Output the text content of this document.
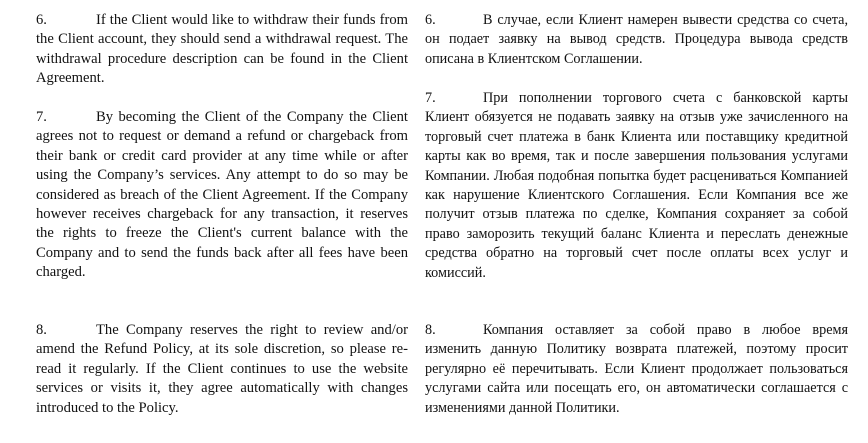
6.	If the Client would like to withdraw their funds from the Client account, they should send a withdrawal request. The withdrawal procedure description can be found in the Client Agreement.

7.	By becoming the Client of the Company the Client agrees not to request or demand a refund or chargeback from their bank or credit card provider at any time while or after using the Company’s services. Any attempt to do so may be considered as breach of the Client Agreement. If the Company however receives chargeback for any transaction, it reserves the rights to freeze the Client's current balance with the Company and to send the funds back after all fees have been charged.

8.	The Company reserves the right to review and/or amend the Refund Policy, at its sole discretion, so please re-read it regularly. If the Client continues to use the website services or visits it, they agree automatically with changes introduced to the Policy.

6.	В случае, если Клиент намерен вывести средства со счета, он подает заявку на вывод средств. Процедура вывода средств описана в Клиентском Соглашении.

7.	При пополнении торгового счета с банковской карты Клиент обязуется не подавать заявку на отзыв уже зачисленного на торговый счет платежа в банк Клиента или поставщику кредитной карты как во время, так и после завершения пользования услугами Компании. Любая подобная попытка будет расцениваться Компанией как нарушение Клиентского Соглашения. Если Компания все же получит отзыв платежа по сделке, Компания сохраняет за собой право заморозить текущий баланс Клиента и переслать денежные средства обратно на торговый счет после оплаты всех услуг и комиссий.

8.	Компания оставляет за собой право в любое время изменить данную Политику возврата платежей, поэтому просит регулярно её перечитывать. Если Клиент продолжает пользоваться услугами сайта или посещать его, он автоматически соглашается с изменениями данной Политики.
